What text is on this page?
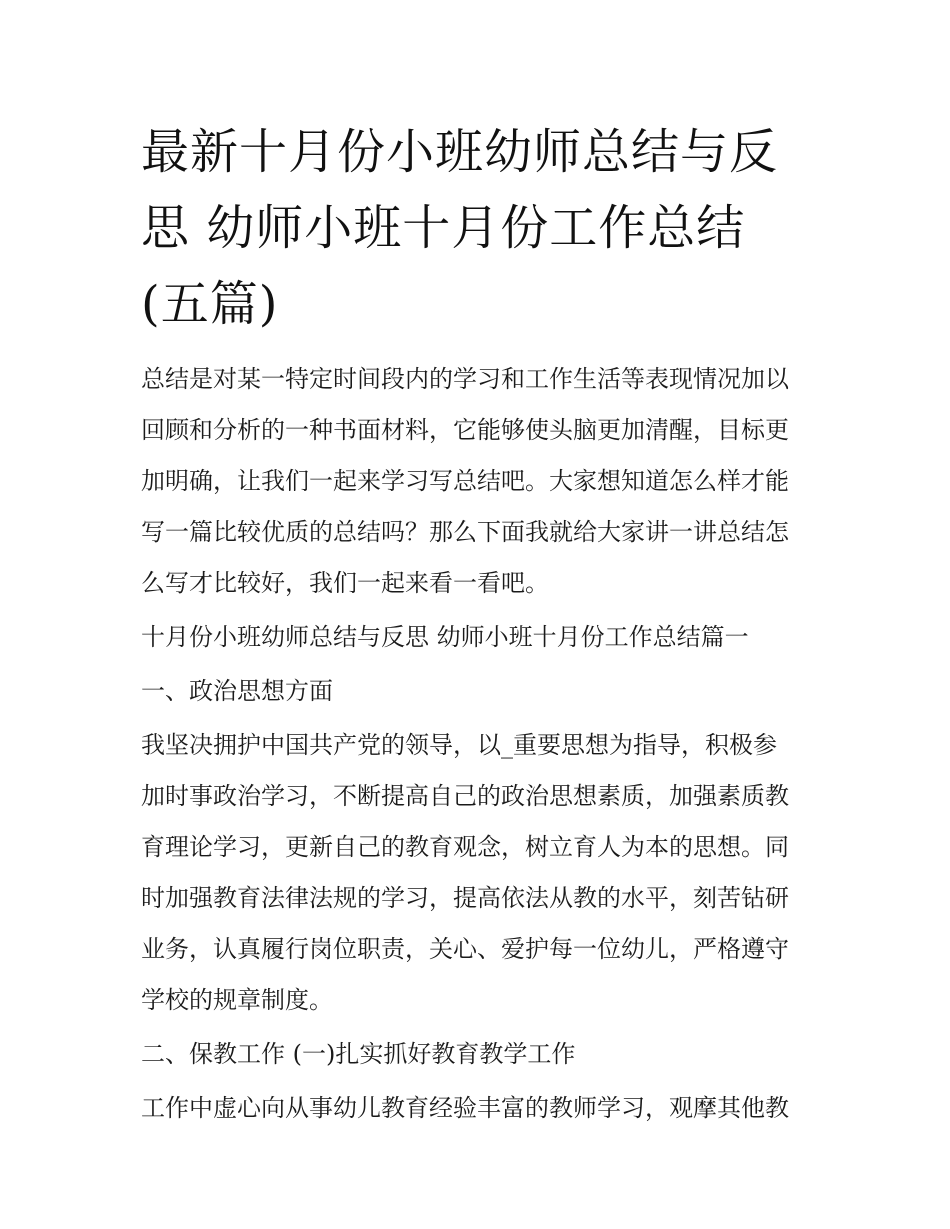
最新十月份小班幼师总结与反
思 幼师小班十月份工作总结
(五篇)
总结是对某一特定时间段内的学习和工作生活等表现情况加以
回顾和分析的一种书面材料，它能够使头脑更加清醒，目标更
加明确，让我们一起来学习写总结吧。大家想知道怎么样才能
写一篇比较优质的总结吗？那么下面我就给大家讲一讲总结怎
么写才比较好，我们一起来看一看吧。
十月份小班幼师总结与反思 幼师小班十月份工作总结篇一
一、政治思想方面
我坚决拥护中国共产党的领导，以_重要思想为指导，积极参
加时事政治学习，不断提高自己的政治思想素质，加强素质教
育理论学习，更新自己的教育观念，树立育人为本的思想。同
时加强教育法律法规的学习，提高依法从教的水平，刻苦钻研
业务，认真履行岗位职责，关心、爱护每一位幼儿，严格遵守
学校的规章制度。
二、保教工作 (一)扎实抓好教育教学工作
工作中虚心向从事幼儿教育经验丰富的教师学习，观摩其他教
